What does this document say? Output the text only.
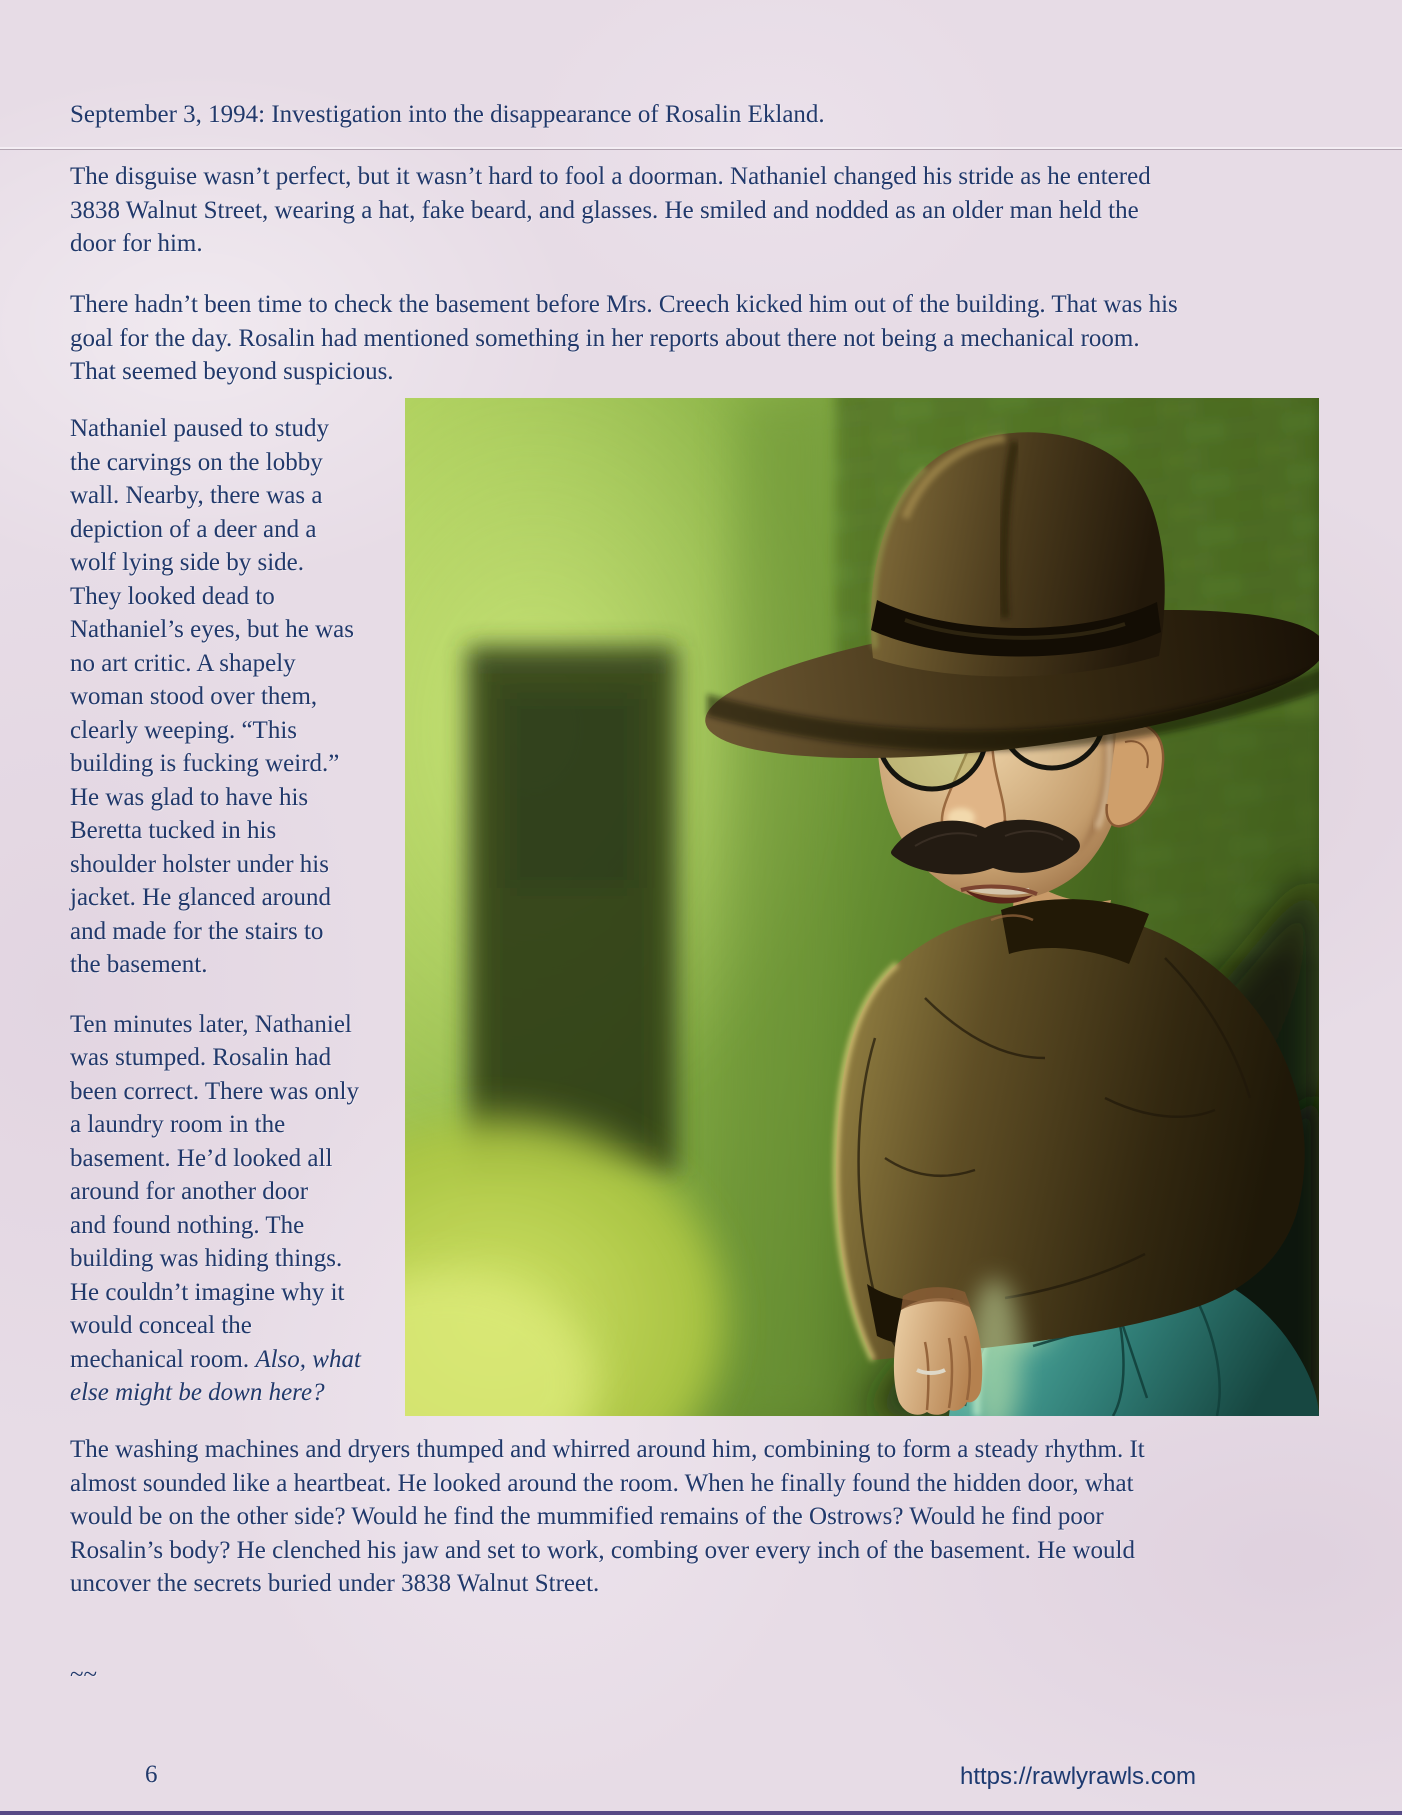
September 3, 1994: Investigation into the disappearance of Rosalin Ekland.
The disguise wasn’t perfect, but it wasn’t hard to fool a doorman. Nathaniel changed his stride as he entered
3838 Walnut Street, wearing a hat, fake beard, and glasses. He smiled and nodded as an older man held the
door for him.
There hadn’t been time to check the basement before Mrs. Creech kicked him out of the building. That was his
goal for the day. Rosalin had mentioned something in her reports about there not being a mechanical room.
That seemed beyond suspicious.
Nathaniel paused to study
the carvings on the lobby
wall. Nearby, there was a
depiction of a deer and a
wolf lying side by side.
They looked dead to
Nathaniel’s eyes, but he was
no art critic. A shapely
woman stood over them,
clearly weeping. “This
building is fucking weird.”
He was glad to have his
Beretta tucked in his
shoulder holster under his
jacket. He glanced around
and made for the stairs to
the basement.
Ten minutes later, Nathaniel
was stumped. Rosalin had
been correct. There was only
a laundry room in the
basement. He’d looked all
around for another door
and found nothing. The
building was hiding things.
He couldn’t imagine why it
would conceal the
mechanical room. Also, what
else might be down here?
The washing machines and dryers thumped and whirred around him, combining to form a steady rhythm. It
almost sounded like a heartbeat. He looked around the room. When he finally found the hidden door, what
would be on the other side? Would he find the mummified remains of the Ostrows? Would he find poor
Rosalin’s body? He clenched his jaw and set to work, combing over every inch of the basement. He would
uncover the secrets buried under 3838 Walnut Street.
~~
6	https://rawlyrawls.com
